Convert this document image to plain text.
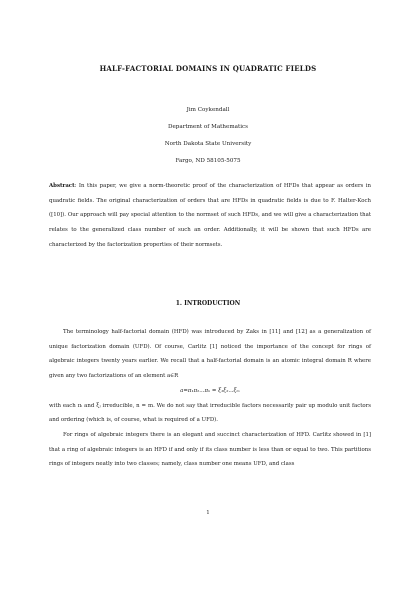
HALF-FACTORIAL DOMAINS IN QUADRATIC FIELDS
Jim Coykendall
Department of Mathematics
North Dakota State University
Fargo, ND 58105-5075
Abstract: In this paper, we give a norm-theoretic proof of the characterization of HFDs that appear as orders in quadratic fields. The original characterization of orders that are HFDs in quadratic fields is due to F. Halter-Koch ([10]). Our approach will pay special attention to the normset of such HFDs, and we will give a characterization that relates to the generalized class number of such an order. Additionally, it will be shown that such HFDs are characterized by the factorization properties of their normsets.
1. INTRODUCTION
The terminology half-factorial domain (HFD) was introduced by Zaks in [11] and [12] as a generalization of unique factorization domain (UFD). Of course, Carlitz [1] noticed the importance of the concept for rings of algebraic integers twenty years earlier. We recall that a half-factorial domain is an atomic integral domain R where given any two factorizations of an element a∈R
a=π₁π₂...πₙ = ξ₁ξ₂...ξₘ
with each πᵢ and ξⱼ irreducible, n = m. We do not say that irreducible factors necessarily pair up modulo unit factors and ordering (which is, of course, what is required of a UFD).
For rings of algebraic integers there is an elegant and succinct characterization of HFD. Carlitz showed in [1] that a ring of algebraic integers is an HFD if and only if its class number is less than or equal to two. This partitions rings of integers neatly into two classes; namely, class number one means UFD, and class
1
